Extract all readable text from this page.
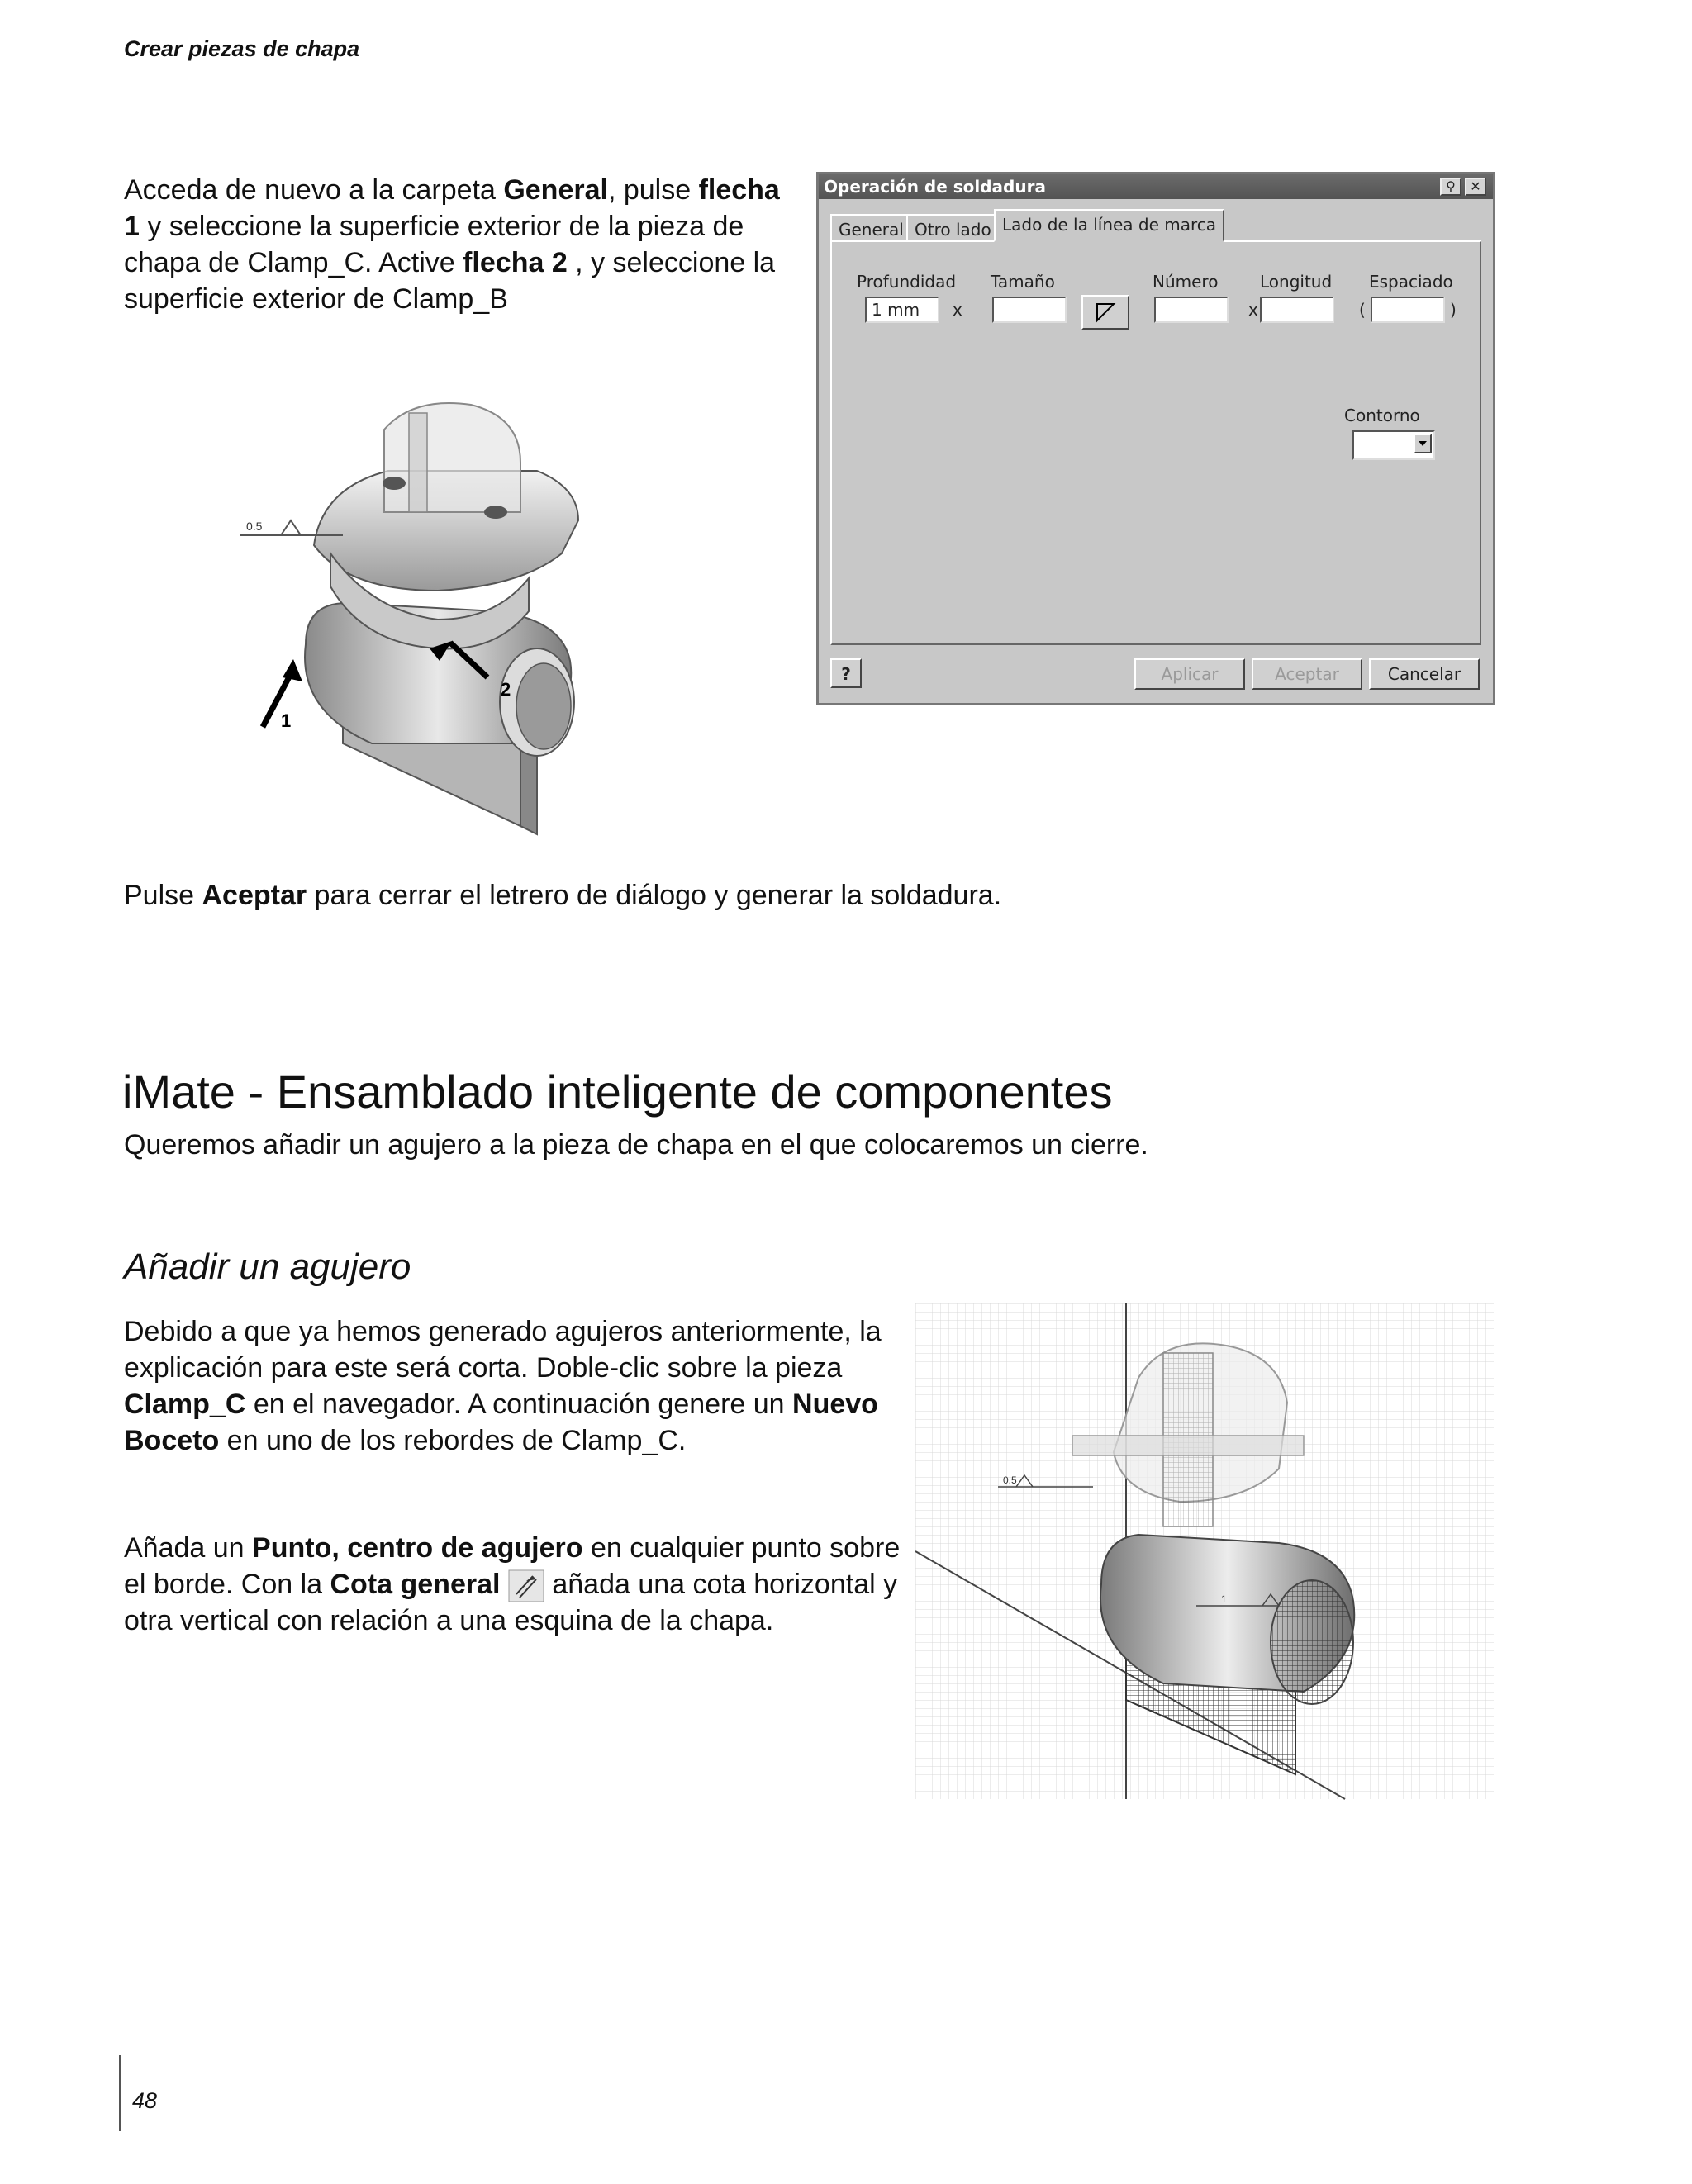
Crear piezas de chapa
Acceda de nuevo a la carpeta General, pulse flecha 1 y seleccione la superficie exterior de la pieza de chapa de Clamp_C. Active flecha 2 , y seleccione la superficie exterior de Clamp_B
0.5
1
2
Operación de soldadura	⚲	✕
General Otro lado Lado de la línea de marca
Profundidad
1 mm	x
Tamaño	Número
x
Longitud Espaciado
(	)
Contorno
?	Aplicar	Aceptar	Cancelar
Pulse Aceptar para cerrar el letrero de diálogo y generar la soldadura.
iMate - Ensamblado inteligente de componentes
Queremos añadir un agujero a la pieza de chapa en el que colocaremos un cierre.
Añadir un agujero
Debido a que ya hemos generado agujeros anteriormente, la explicación para este será corta. Doble-clic sobre la pieza Clamp_C en el navegador. A continuación genere un Nuevo Boceto en uno de los rebordes de Clamp_C.
Añada un Punto, centro de agujero en cualquier punto sobre el borde. Con la Cota general  añada una cota horizontal y otra vertical con relación a una esquina de la chapa.
0.5
1
48
